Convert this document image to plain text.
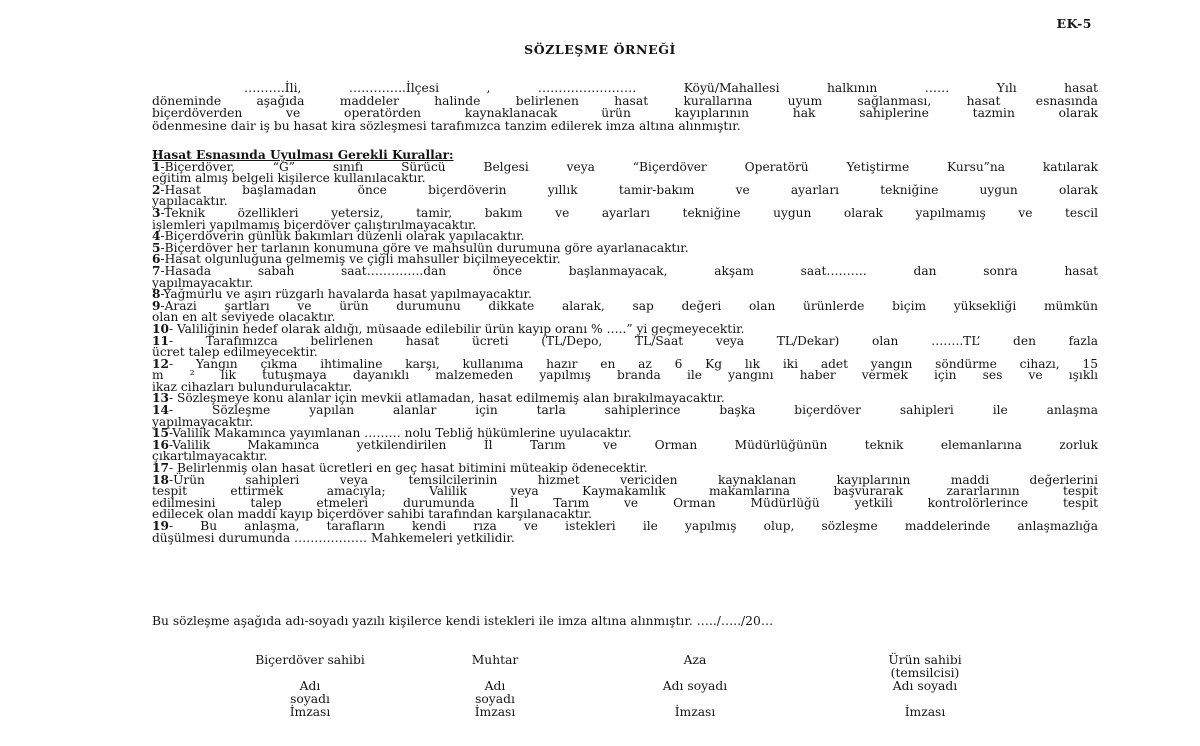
EK-5
SÖZLEŞME ÖRNEĞİ
……….İli, …………..İlçesi , …………………… Köyü/Mahallesi halkının …… Yılı hasat
döneminde aşağıda maddeler halinde belirlenen hasat kurallarına uyum sağlanması, hasat esnasında
biçerdöverden ve operatörden kaynaklanacak ürün kayıplarının hak sahiplerine tazmin olarak
ödenmesine dair iş bu hasat kira sözleşmesi tarafımızca tanzim edilerek imza altına alınmıştır.
Hasat Esnasında Uyulması Gerekli Kurallar:
1-Biçerdöver, “G” sınıfı Sürücü Belgesi veya “Biçerdöver Operatörü Yetiştirme Kursu”na katılarak
eğitim almış belgeli kişilerce kullanılacaktır.
2-Hasat başlamadan önce biçerdöverin yıllık tamir-bakım ve ayarları tekniğine uygun olarak
yapılacaktır.
3-Teknik özellikleri yetersiz, tamir, bakım ve ayarları tekniğine uygun olarak yapılmamış ve tescil
işlemleri yapılmamış biçerdöver çalıştırılmayacaktır.
4-Biçerdöverin günlük bakımları düzenli olarak yapılacaktır.
5-Biçerdöver her tarlanın konumuna göre ve mahsulün durumuna göre ayarlanacaktır.
6-Hasat olgunluğuna gelmemiş ve çiğli mahsuller biçilmeyecektir.
7-Hasada sabah saat…………..dan önce başlanmayacak, akşam saat………. dan sonra hasat
yapılmayacaktır.
8-Yağmurlu ve aşırı rüzgarlı havalarda hasat yapılmayacaktır.
9-Arazi şartları ve ürün durumunu dikkate alarak, sap değeri olan ürünlerde biçim yüksekliği mümkün
olan en alt seviyede olacaktır.
10- Valiliğinin hedef olarak aldığı, müsaade edilebilir ürün kayıp oranı % …..” yi geçmeyecektir.
11- Tarafımızca belirlenen hasat ücreti (TL/Depo, TL/Saat veya TL/Dekar) olan ……..TL’ den fazla
ücret talep edilmeyecektir.
12- Yangın çıkma ihtimaline karşı, kullanıma hazır en az 6 Kg lık iki adet yangın söndürme cihazı, 15
m ² lik tutuşmaya dayanıklı malzemeden yapılmış branda ile yangını haber vermek için ses ve ışıklı
ikaz cihazları bulundurulacaktır.
13- Sözleşmeye konu alanlar için mevkii atlamadan, hasat edilmemiş alan bırakılmayacaktır.
14- Sözleşme yapılan alanlar için tarla sahiplerince başka biçerdöver sahipleri ile anlaşma
yapılmayacaktır.
15-Valilik Makamınca yayımlanan ……… nolu Tebliğ hükümlerine uyulacaktır.
16-Valilik Makamınca yetkilendirilen İl Tarım ve Orman Müdürlüğünün teknik elemanlarına zorluk
çıkartılmayacaktır.
17- Belirlenmiş olan hasat ücretleri en geç hasat bitimini müteakip ödenecektir.
18-Ürün sahipleri veya temsilcilerinin hizmet vericiden kaynaklanan kayıplarının maddi değerlerini
tespit ettirmek amacıyla; Valilik veya Kaymakamlık makamlarına başvurarak zararlarının tespit
edilmesini talep etmeleri durumunda İl Tarım ve Orman Müdürlüğü yetkili kontrolörlerince tespit
edilecek olan maddi kayıp biçerdöver sahibi tarafından karşılanacaktır.
19- Bu anlaşma, tarafların kendi rıza ve istekleri ile yapılmış olup, sözleşme maddelerinde anlaşmazlığa
düşülmesi durumunda ……………… Mahkemeleri yetkilidir.
Bu sözleşme aşağıda adı-soyadı yazılı kişilerce kendi istekleri ile imza altına alınmıştır. …../…../20…
Biçerdöver sahibi

Adı
soyadı
İmzası
Muhtar

Adı
soyadı
İmzası
Aza

Adı soyadı

İmzası
Ürün sahibi
(temsilcisi)
Adı soyadı

İmzası
